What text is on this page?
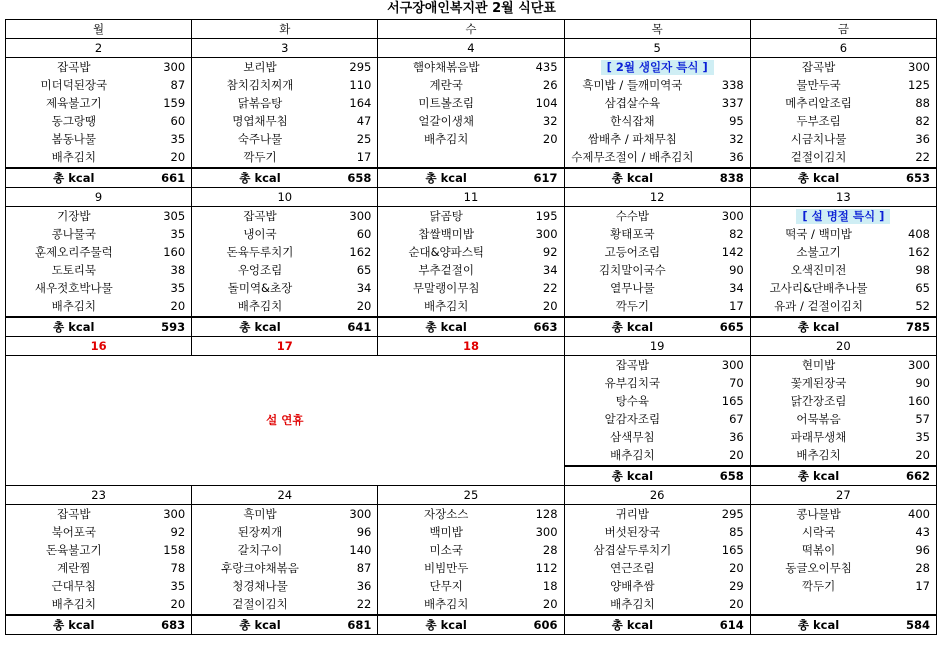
서구장애인복지관 2월 식단표
월		화		수		목		금	
2		3		4		5		6	
잡곡밥	300	보리밥	295	햄야채볶음밥	435	[ 2월 생일자 특식 ]		잡곡밥	300
미더덕된장국	87	참치김치찌개	110	계란국	26	흑미밥 / 들깨미역국	338	물만두국	125
제육불고기	159	닭볶음탕	164	미트볼조림	104	삼겹살수육	337	메추리알조림	88
동그랑땡	60	명엽채무침	47	얼갈이생채	32	한식잡채	95	두부조림	82
봄동나물	35	숙주나물	25	배추김치	20	쌈배추 / 파채무침	32	시금치나물	36
배추김치	20	깍두기	17			수제무조절이 / 배추김치	36	겉절이김치	22

총 kcal	661	총 kcal	658	총 kcal	617	총 kcal	838	총 kcal	653
9		10		11		12		13	
기장밥	305	잡곡밥	300	닭곰탕	195	수수밥	300	[ 설 명절 특식 ]	
콩나물국	35	냉이국	60	찹쌀백미밥	300	황태포국	82	떡국 / 백미밥	408
훈제오리주물럭	160	돈육두루치기	162	순대&양파스틱	92	고등어조림	142	소불고기	162
도토리묵	38	우엉조림	65	부추겉절이	34	김치말이국수	90	오색진미전	98
새우젓호박나물	35	돌미역&초장	34	무말랭이무침	22	열무나물	34	고사리&단배추나물	65
배추김치	20	배추김치	20	배추김치	20	깍두기	17	유과 / 겉절이김치	52

총 kcal	593	총 kcal	641	총 kcal	663	총 kcal	665	총 kcal	785
16		17		18		19		20	
설 연휴						잡곡밥	300	현미밥	300
						유부김치국	70	꽃게된장국	90
						탕수육	165	닭간장조림	160
						알감자조림	67	어묵볶음	57
						삼색무침	36	파래무생채	35
						배추김치	20	배추김치	20

						총 kcal	658	총 kcal	662
23		24		25		26		27	
잡곡밥	300	흑미밥	300	자장소스	128	귀리밥	295	콩나물밥	400
북어포국	92	된장찌개	96	백미밥	300	버섯된장국	85	시락국	43
돈육불고기	158	갈치구이	140	미소국	28	삼겹살두루치기	165	떡볶이	96
계란찜	78	후랑크야채볶음	87	비빔만두	112	연근조림	20	동글오이무침	28
근대무침	35	청경채나물	36	단무지	18	양배추쌈	29	깍두기	17
배추김치	20	겉절이김치	22	배추김치	20	배추김치	20		

총 kcal	683	총 kcal	681	총 kcal	606	총 kcal	614	총 kcal	584
